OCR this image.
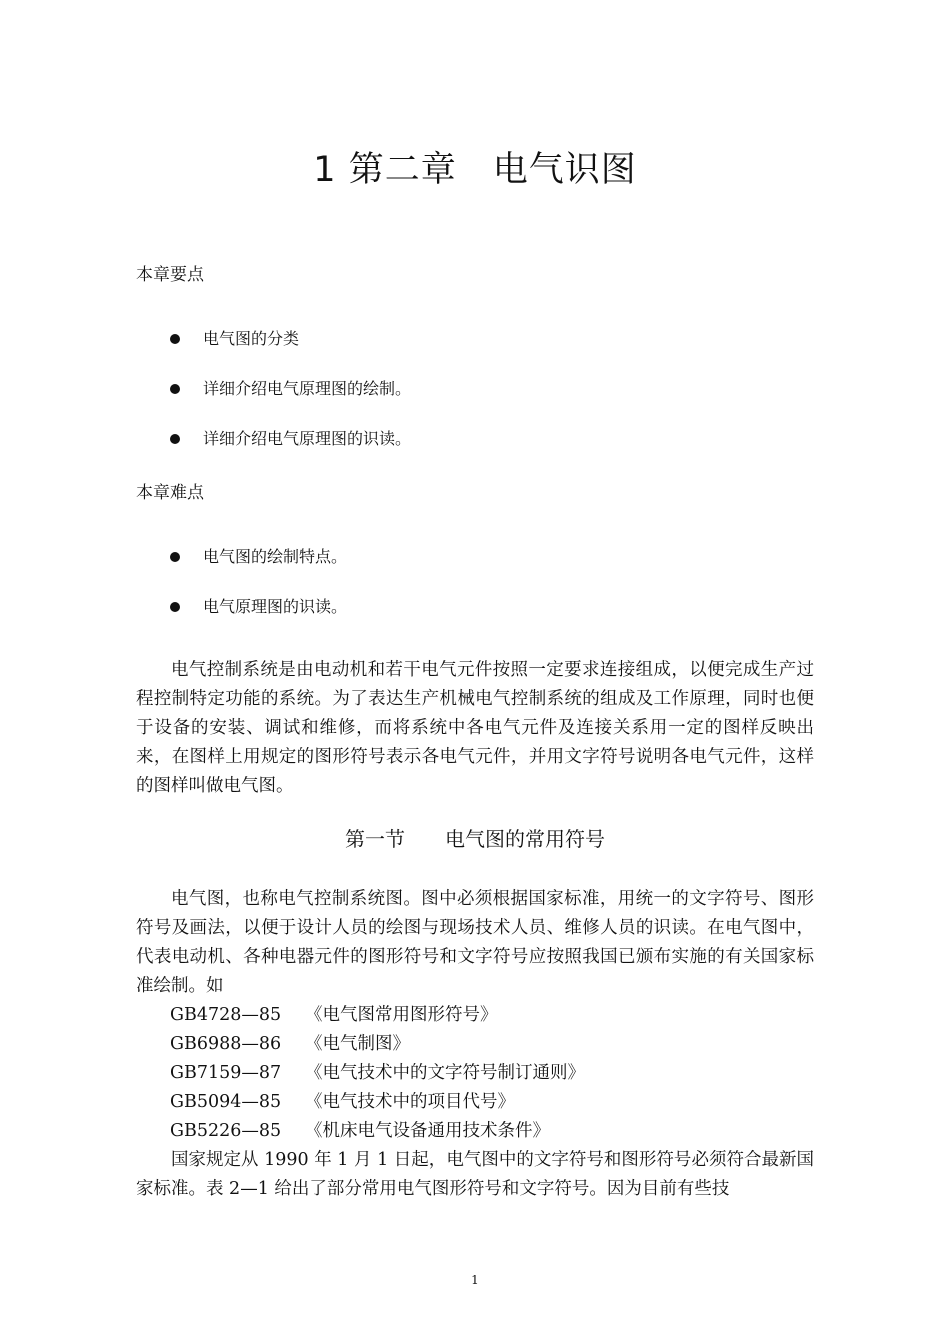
1 第二章　电气识图
本章要点
电气图的分类
详细介绍电气原理图的绘制。
详细介绍电气原理图的识读。
本章难点
电气图的绘制特点。
电气原理图的识读。
电气控制系统是由电动机和若干电气元件按照一定要求连接组成，以便完成生产过程控制特定功能的系统。为了表达生产机械电气控制系统的组成及工作原理，同时也便于设备的安装、调试和维修，而将系统中各电气元件及连接关系用一定的图样反映出来，在图样上用规定的图形符号表示各电气元件，并用文字符号说明各电气元件，这样的图样叫做电气图。
第一节　　电气图的常用符号
电气图，也称电气控制系统图。图中必须根据国家标准，用统一的文字符号、图形符号及画法，以便于设计人员的绘图与现场技术人员、维修人员的识读。在电气图中，代表电动机、各种电器元件的图形符号和文字符号应按照我国已颁布实施的有关国家标准绘制。如
GB4728—85 《电气图常用图形符号》
GB6988—86 《电气制图》
GB7159—87 《电气技术中的文字符号制订通则》
GB5094—85 《电气技术中的项目代号》
GB5226—85 《机床电气设备通用技术条件》
国家规定从 1990 年 1 月 1 日起，电气图中的文字符号和图形符号必须符合最新国家标准。表 2—1 给出了部分常用电气图形符号和文字符号。因为目前有些技
1
